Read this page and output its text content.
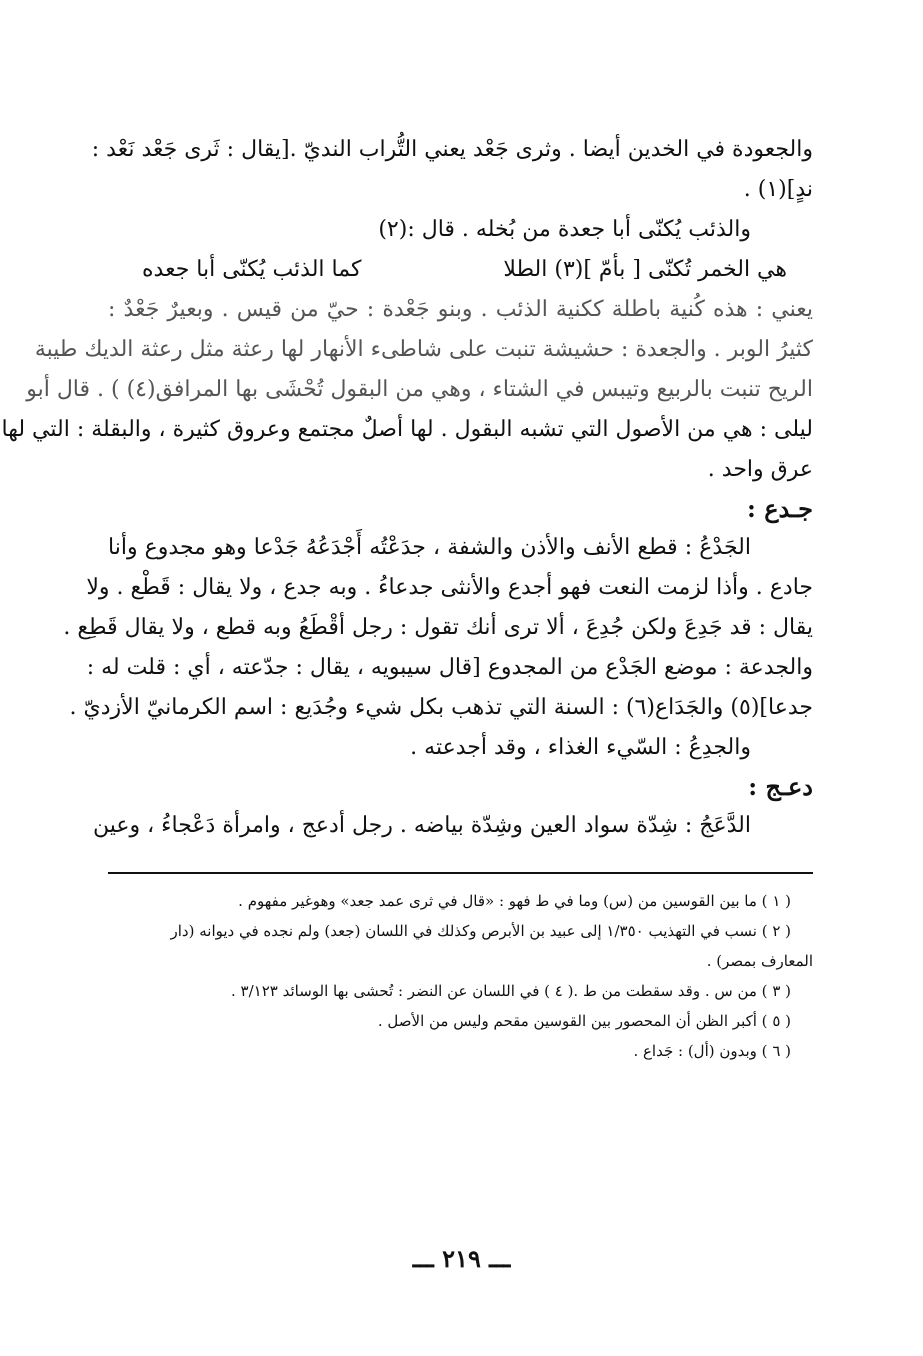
والجعودة في الخدين أيضا . وثرى جَعْد يعني التُّراب النديّ .[يقال : ثَرى جَعْد نَعْد :

ندٍ](١) .

والذئب يُكنّى أبا جعدة من بُخله . قال :(٢)

هي الخمر تُكنّى [ بأمّ ](٣) الطلا
كما الذئب يُكنّى أبا جعده

يعني : هذه كُنية باطلة ككنية الذئب . وبنو جَعْدة : حيّ من قيس . وبعيرٌ جَعْدٌ :

كثيرُ الوبر . والجعدة : حشيشة تنبت على شاطىء الأنهار لها رعثة مثل رعثة الديك طيبة

الريح تنبت بالربيع وتيبس في الشتاء ، وهي من البقول تُحْشَى بها المرافق(٤) ) . قال أبو

ليلى : هي من الأصول التي تشبه البقول . لها أصلٌ مجتمع وعروق كثيرة ، والبقلة : التي لها

عرق واحد .

جـدع :

الجَدْعُ : قطع الأنف والأذن والشفة ، جدَعْتُه أَجْدَعُهُ جَدْعا وهو مجدوع وأنا

جادع . وأذا لزمت النعت فهو أجدع والأنثى جدعاءُ . وبه جدع ، ولا يقال : قَطْع . ولا

يقال : قد جَدِعَ ولكن جُدِعَ ، ألا ترى أنك تقول : رجل أقْطَعُ وبه قطع ، ولا يقال قَطِع .

والجدعة : موضع الجَدْع من المجدوع [قال سيبويه ، يقال : جدّعته ، أي : قلت له :

جدعا](٥) والجَدَاع(٦) : السنة التي تذهب بكل شيء وجُدَيع : اسم الكرمانيّ الأزديّ .

والجدِعُ : السّيء الغذاء ، وقد أجدعته .

دعـج :

الدَّعَجُ : شِدّة سواد العين وشِدّة بياضه . رجل أدعج ، وامرأة دَعْجاءُ ، وعين

( ١ ) ما بين القوسين من (س) وما في ط فهو : «قال في ثرى عمد جعد» وهوغير مفهوم .

( ٢ ) نسب في التهذيب ١/٣٥٠ إلى عبيد بن الأبرص وكذلك في اللسان (جعد) ولم نجده في ديوانه (دار

المعارف بمصر) .

( ٣ ) من س . وقد سقطت من ط .( ٤ ) في اللسان عن النضر : تُحشى بها الوسائد ٣/١٢٣ .

( ٥ ) أكبر الظن أن المحصور بين القوسين مقحم وليس من الأصل .

( ٦ ) وبدون (أل) : جَداع .

ـــ ٢١٩ ـــ
